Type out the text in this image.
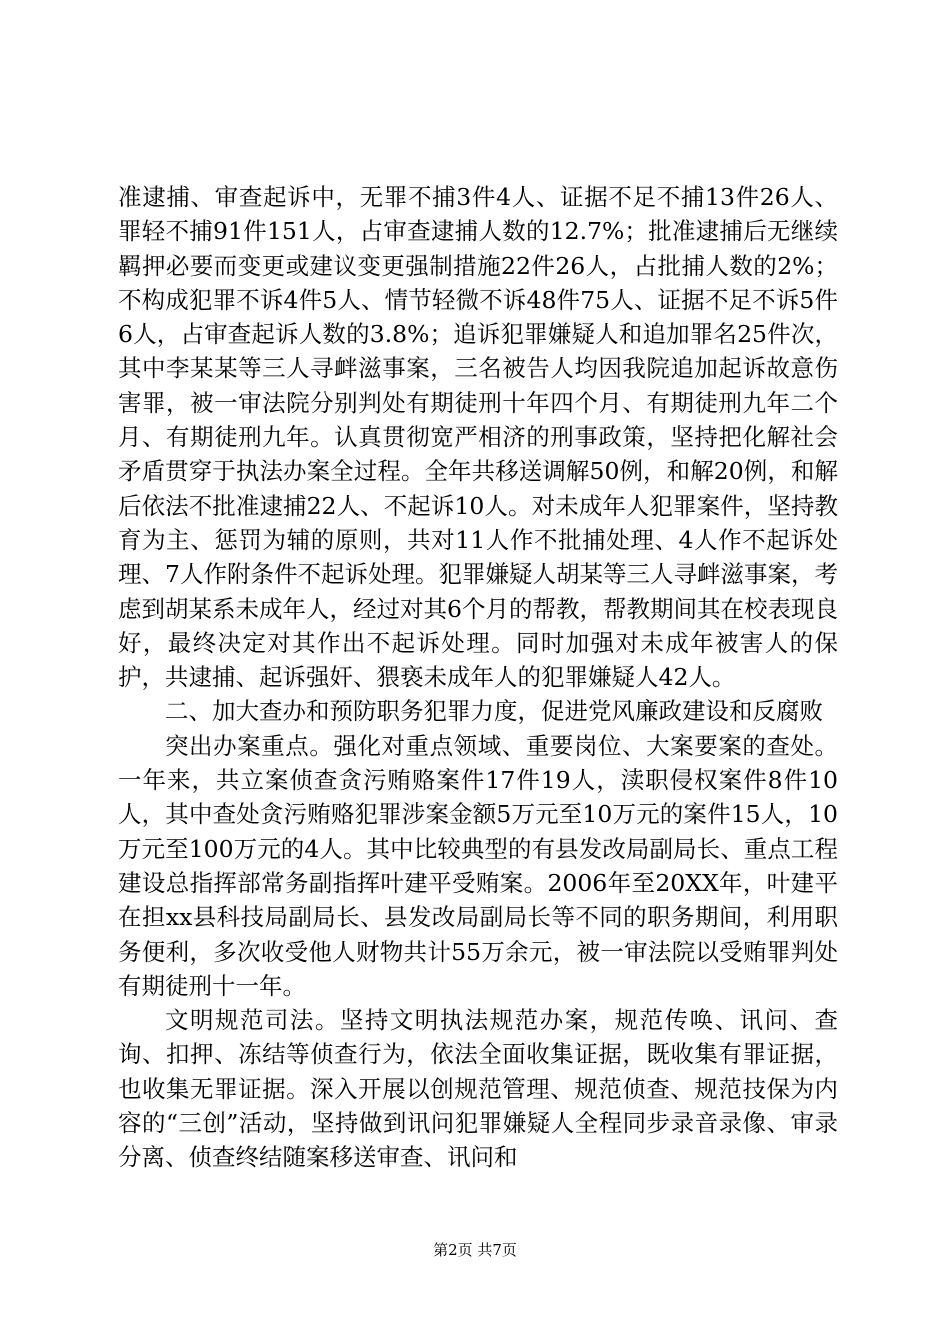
准逮捕、审查起诉中，无罪不捕3件4人、证据不足不捕13件26人、罪轻不捕91件151人，占审查逮捕人数的12.7%；批准逮捕后无继续羁押必要而变更或建议变更强制措施22件26人，占批捕人数的2%；不构成犯罪不诉4件5人、情节轻微不诉48件75人、证据不足不诉5件6人，占审查起诉人数的3.8%；追诉犯罪嫌疑人和追加罪名25件次，其中李某某等三人寻衅滋事案，三名被告人均因我院追加起诉故意伤害罪，被一审法院分别判处有期徒刑十年四个月、有期徒刑九年二个月、有期徒刑九年。认真贯彻宽严相济的刑事政策，坚持把化解社会矛盾贯穿于执法办案全过程。全年共移送调解50例，和解20例，和解后依法不批准逮捕22人、不起诉10人。对未成年人犯罪案件，坚持教育为主、惩罚为辅的原则，共对11人作不批捕处理、4人作不起诉处理、7人作附条件不起诉处理。犯罪嫌疑人胡某等三人寻衅滋事案，考虑到胡某系未成年人，经过对其6个月的帮教，帮教期间其在校表现良好，最终决定对其作出不起诉处理。同时加强对未成年被害人的保护，共逮捕、起诉强奸、猥亵未成年人的犯罪嫌疑人42人。

二、加大查办和预防职务犯罪力度，促进党风廉政建设和反腐败

突出办案重点。强化对重点领域、重要岗位、大案要案的查处。一年来，共立案侦查贪污贿赂案件17件19人，渎职侵权案件8件10人，其中查处贪污贿赂犯罪涉案金额5万元至10万元的案件15人，10万元至100万元的4人。其中比较典型的有县发改局副局长、重点工程建设总指挥部常务副指挥叶建平受贿案。2006年至20XX年，叶建平在担xx县科技局副局长、县发改局副局长等不同的职务期间，利用职务便利，多次收受他人财物共计55万余元，被一审法院以受贿罪判处有期徒刑十一年。

文明规范司法。坚持文明执法规范办案，规范传唤、讯问、查询、扣押、冻结等侦查行为，依法全面收集证据，既收集有罪证据，也收集无罪证据。深入开展以创规范管理、规范侦查、规范技保为内容的“三创”活动，坚持做到讯问犯罪嫌疑人全程同步录音录像、审录分离、侦查终结随案移送审查、讯问和

第2页 共7页
